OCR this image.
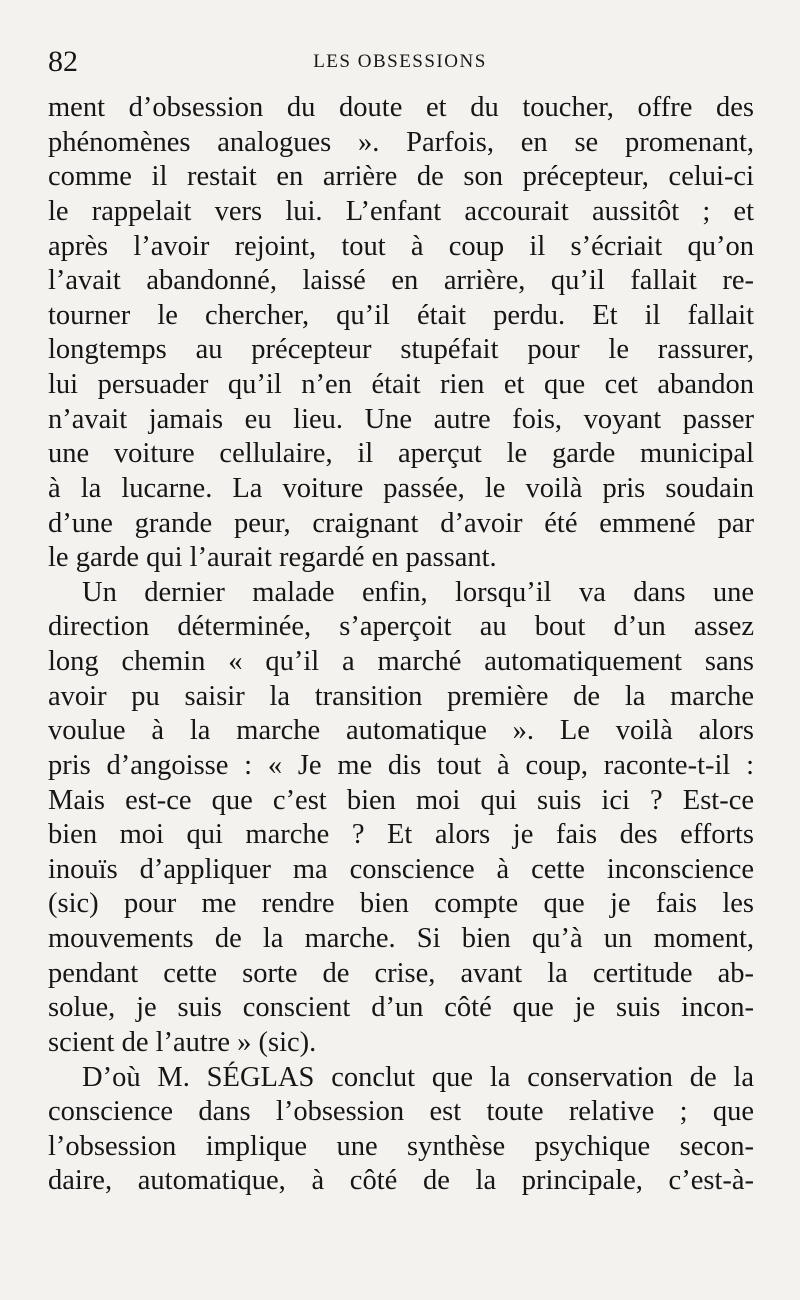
82	LES OBSESSIONS
ment d’obsession du doute et du toucher, offre des
phénomènes analogues ». Parfois, en se promenant,
comme il restait en arrière de son précepteur, celui-ci
le rappelait vers lui. L’enfant accourait aussitôt ; et
après l’avoir rejoint, tout à coup il s’écriait qu’on
l’avait abandonné, laissé en arrière, qu’il fallait re-
tourner le chercher, qu’il était perdu. Et il fallait
longtemps au précepteur stupéfait pour le rassurer,
lui persuader qu’il n’en était rien et que cet abandon
n’avait jamais eu lieu. Une autre fois, voyant passer
une voiture cellulaire, il aperçut le garde municipal
à la lucarne. La voiture passée, le voilà pris soudain
d’une grande peur, craignant d’avoir été emmené par
le garde qui l’aurait regardé en passant.
Un dernier malade enfin, lorsqu’il va dans une
direction déterminée, s’aperçoit au bout d’un assez
long chemin « qu’il a marché automatiquement sans
avoir pu saisir la transition première de la marche
voulue à la marche automatique ». Le voilà alors
pris d’angoisse : « Je me dis tout à coup, raconte-t-il :
Mais est-ce que c’est bien moi qui suis ici ? Est-ce
bien moi qui marche ? Et alors je fais des efforts
inouïs d’appliquer ma conscience à cette inconscience
(sic) pour me rendre bien compte que je fais les
mouvements de la marche. Si bien qu’à un moment,
pendant cette sorte de crise, avant la certitude ab-
solue, je suis conscient d’un côté que je suis incon-
scient de l’autre » (sic).
D’où M. SÉGLAS conclut que la conservation de la
conscience dans l’obsession est toute relative ; que
l’obsession implique une synthèse psychique secon-
daire, automatique, à côté de la principale, c’est-à-
